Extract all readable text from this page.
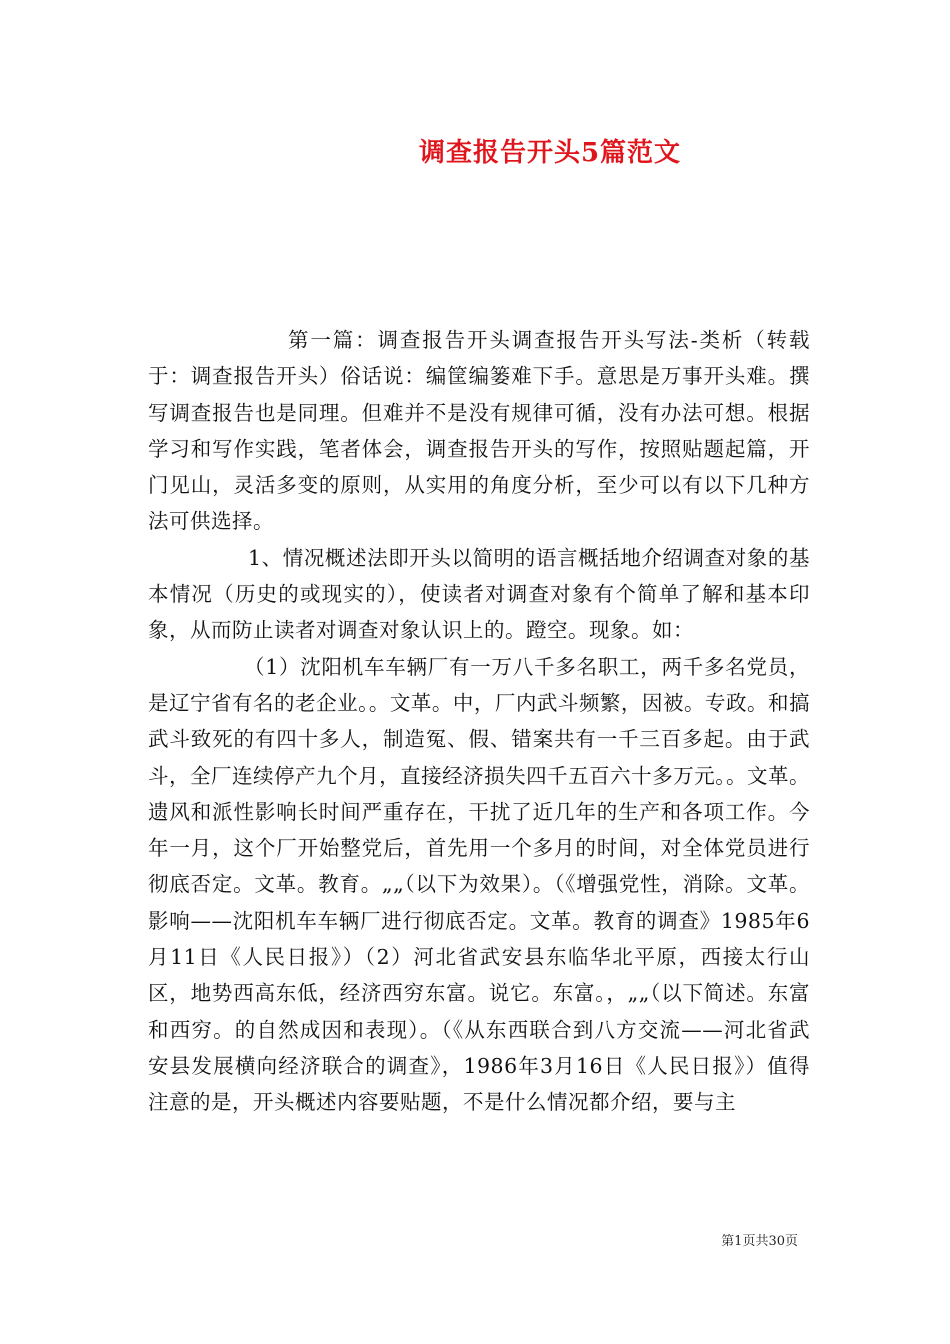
调查报告开头5篇范文

第一篇：调查报告开头调查报告开头写法-类析（转载于：调查报告开头）俗话说：编筐编篓难下手。意思是万事开头难。撰写调查报告也是同理。但难并不是没有规律可循，没有办法可想。根据学习和写作实践，笔者体会，调查报告开头的写作，按照贴题起篇，开门见山，灵活多变的原则，从实用的角度分析，至少可以有以下几种方法可供选择。

1、情况概述法即开头以简明的语言概括地介绍调查对象的基本情况（历史的或现实的），使读者对调查对象有个简单了解和基本印象，从而防止读者对调查对象认识上的。蹬空。现象。如：

（1）沈阳机车车辆厂有一万八千多名职工，两千多名党员，是辽宁省有名的老企业。。文革。中，厂内武斗频繁，因被。专政。和搞武斗致死的有四十多人，制造冤、假、错案共有一千三百多起。由于武斗，全厂连续停产九个月，直接经济损失四千五百六十多万元。。文革。遗风和派性影响长时间严重存在，干扰了近几年的生产和各项工作。今年一月，这个厂开始整党后，首先用一个多月的时间，对全体党员进行彻底否定。文革。教育。„„（以下为效果）。（《增强党性，消除。文革。影响——沈阳机车车辆厂进行彻底否定。文革。教育的调查》1985年6月11日《人民日报》）（2）河北省武安县东临华北平原，西接太行山区，地势西高东低，经济西穷东富。说它。东富。，„„（以下简述。东富和西穷。的自然成因和表现）。（《从东西联合到八方交流——河北省武安县发展横向经济联合的调查》，1986年3月16日《人民日报》）值得注意的是，开头概述内容要贴题，不是什么情况都介绍，要与主

第1页共30页
